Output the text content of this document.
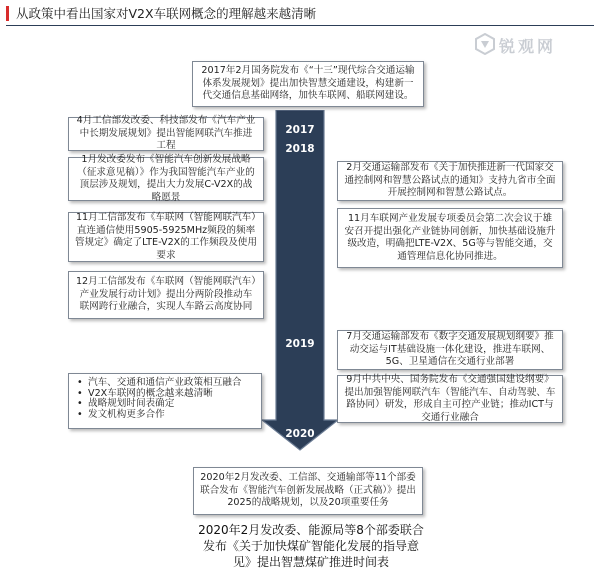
从政策中看出国家对V2X车联网概念的理解越来越清晰
锐观网
2017
2018
2019
2020
2017年2月国务院发布《“十三”现代综合交通运输体系发展规划》提出加快智慧交通建设，构建新一代交通信息基础网络，加快车联网、船联网建设。
4月工信部发改委、科技部发布《汽车产业中长期发展规划》提出智能网联汽车推进工程
1月发改委发布《智能汽车创新发展战略（征求意见稿）》作为我国智能汽车产业的顶层涉及规划，提出大力发展C-V2X的战略愿景
2月交通运输部发布《关于加快推进新一代国家交通控制网和智慧公路试点的通知》支持九省市全面开展控制网和智慧公路试点。
11月工信部发布《车联网（智能网联汽车）直连通信使用5905-5925MHz频段的频率管规定》确定了LTE-V2X的工作频段及使用要求
11月车联网产业发展专项委员会第二次会议于雄安召开提出强化产业链协同创新，加快基础设施升级改造，明确把LTE-V2X、5G等与智能交通，交通管理信息化协同推进。
12月工信部发布《车联网（智能网联汽车）产业发展行动计划》提出分两阶段推动车联网跨行业融合，实现人车路云高度协同
7月交通运输部发布《数字交通发展规划纲要》推动交运与IT基础设施一体化建设，推进车联网、5G、卫星通信在交通行业部署
9月中共中央、国务院发布《交通强国建设纲要》提出加强智能网联汽车（智能汽车、自动驾驶、车路协同）研发，形成自主可控产业链；推动ICT与交通行业融合
• 汽车、交通和通信产业政策相互融合
• V2X车联网的概念越来越清晰
• 战略规划时间表确定
• 发文机构更多合作
2020年2月发改委、工信部、交通输部等11个部委联合发布《智能汽车创新发展战略（正式稿）》提出2025的战略规划，以及20项重要任务
2020年2月发改委、能源局等8个部委联合发布《关于加快煤矿智能化发展的指导意见》提出智慧煤矿推进时间表
